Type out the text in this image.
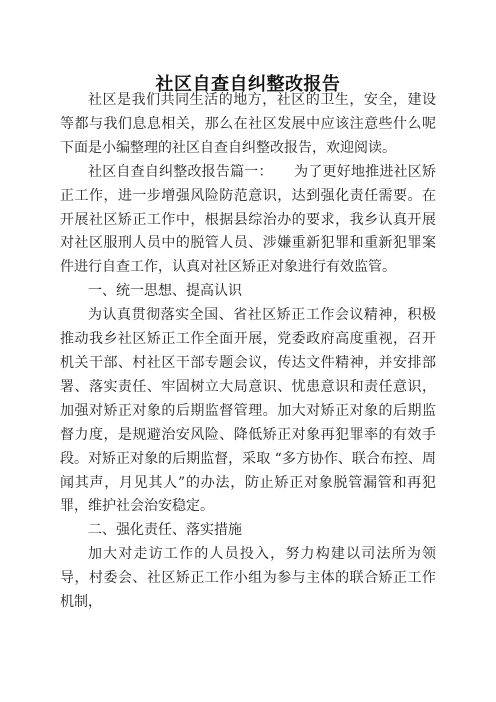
社区自查自纠整改报告

社区是我们共同生活的地方，社区的卫生，安全，建设等都与我们息息相关，那么在社区发展中应该注意些什么呢下面是小编整理的社区自查自纠整改报告，欢迎阅读。

社区自查自纠整改报告篇一：　　为了更好地推进社区矫正工作，进一步增强风险防范意识，达到强化责任需要。在开展社区矫正工作中，根据县综治办的要求，我乡认真开展对社区服刑人员中的脱管人员、涉嫌重新犯罪和重新犯罪案件进行自查工作，认真对社区矫正对象进行有效监管。

一、统一思想、提高认识

为认真贯彻落实全国、省社区矫正工作会议精神，积极推动我乡社区矫正工作全面开展，党委政府高度重视，召开机关干部、村社区干部专题会议，传达文件精神，并安排部署、落实责任、牢固树立大局意识、忧患意识和责任意识，加强对矫正对象的后期监督管理。加大对矫正对象的后期监督力度，是规避治安风险、降低矫正对象再犯罪率的有效手段。对矫正对象的后期监督，采取 “多方协作、联合布控、周闻其声，月见其人”的办法，防止矫正对象脱管漏管和再犯罪，维护社会治安稳定。

二、强化责任、落实措施

加大对走访工作的人员投入，努力构建以司法所为领导，村委会、社区矫正工作小组为参与主体的联合矫正工作机制，
